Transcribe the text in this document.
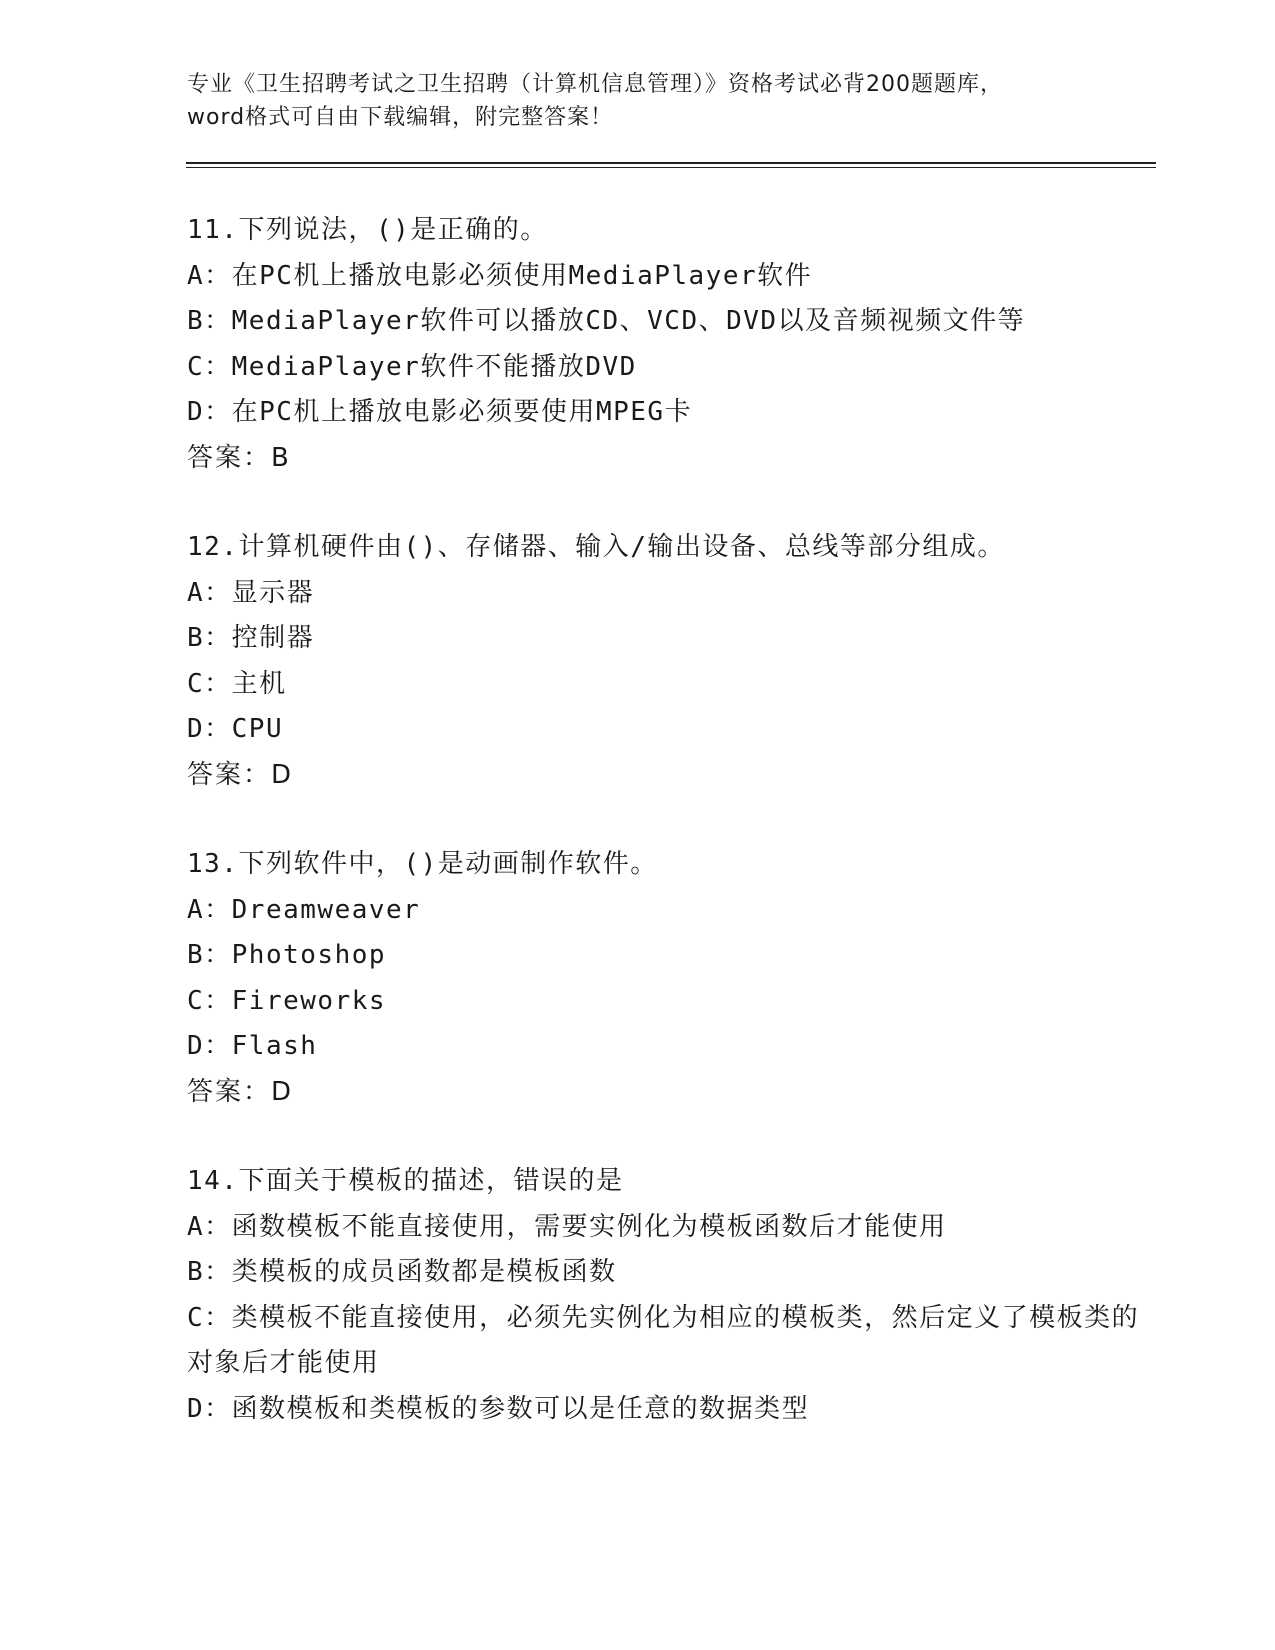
专业《卫生招聘考试之卫生招聘（计算机信息管理）》资格考试必背200题题库，
word格式可自由下载编辑，附完整答案！
11.下列说法，()是正确的。
A：在PC机上播放电影必须使用MediaPlayer软件
B：MediaPlayer软件可以播放CD、VCD、DVD以及音频视频文件等
C：MediaPlayer软件不能播放DVD
D：在PC机上播放电影必须要使用MPEG卡
答案：B
12.计算机硬件由()、存储器、输入/输出设备、总线等部分组成。
A：显示器
B：控制器
C：主机
D：CPU
答案：D
13.下列软件中，()是动画制作软件。
A：Dreamweaver
B：Photoshop
C：Fireworks
D：Flash
答案：D
14.下面关于模板的描述，错误的是
A：函数模板不能直接使用，需要实例化为模板函数后才能使用
B：类模板的成员函数都是模板函数
C：类模板不能直接使用，必须先实例化为相应的模板类，然后定义了模板类的对象后才能使用
D：函数模板和类模板的参数可以是任意的数据类型
